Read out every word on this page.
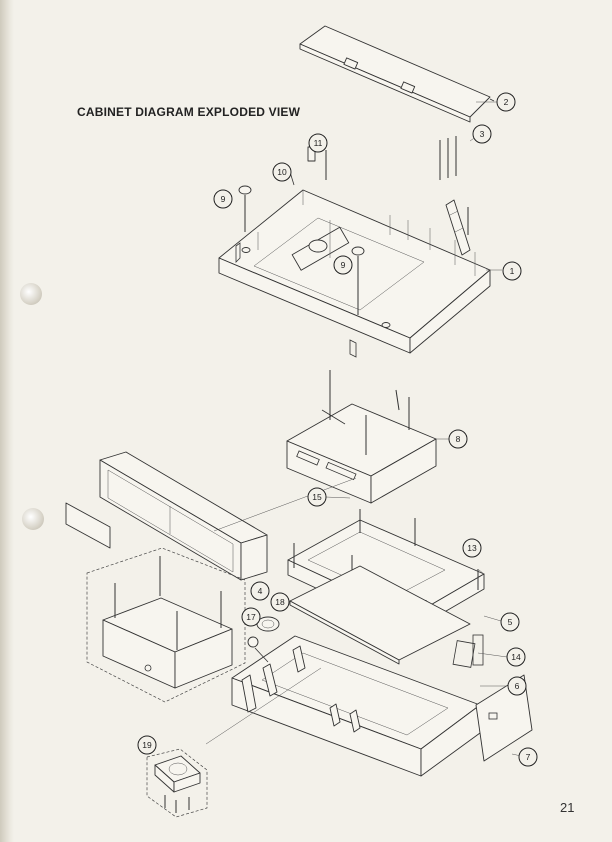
CABINET DIAGRAM EXPLODED VIEW
1
2
3
4
5
6
7
8
9
9
10
11
13
14
15
17
18
19
21
